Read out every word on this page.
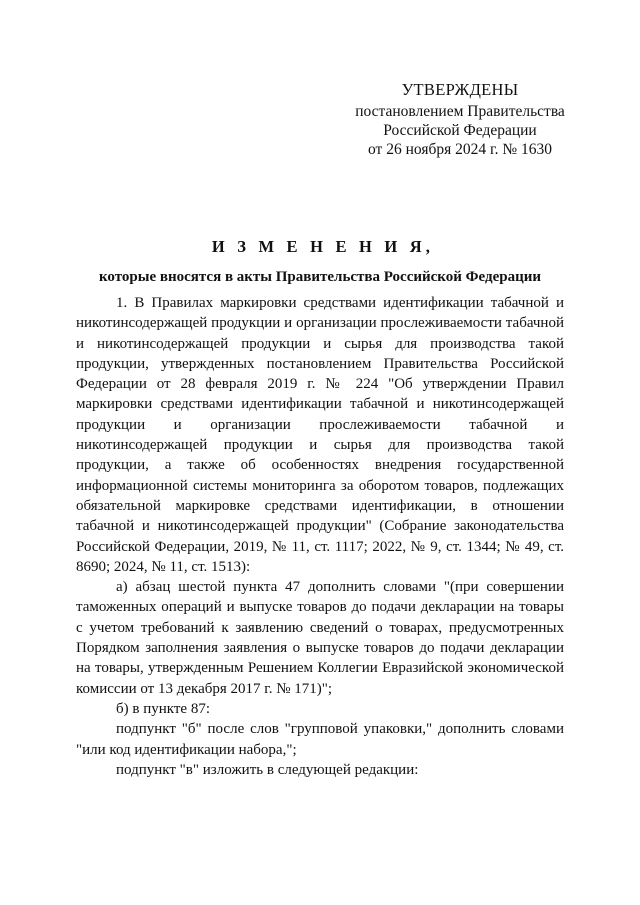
УТВЕРЖДЕНЫ
постановлением Правительства
Российской Федерации
от 26 ноября 2024 г. № 1630
И З М Е Н Е Н И Я,
которые вносятся в акты Правительства Российской Федерации

1. В Правилах маркировки средствами идентификации табачной и никотинсодержащей продукции и организации прослеживаемости табачной и никотинсодержащей продукции и сырья для производства такой продукции, утвержденных постановлением Правительства Российской Федерации от 28 февраля 2019 г. № 224 "Об утверждении Правил маркировки средствами идентификации табачной и никотинсодержащей продукции и организации прослеживаемости табачной и никотинсодержащей продукции и сырья для производства такой продукции, а также об особенностях внедрения государственной информационной системы мониторинга за оборотом товаров, подлежащих обязательной маркировке средствами идентификации, в отношении табачной и никотинсодержащей продукции" (Собрание законодательства Российской Федерации, 2019, № 11, ст. 1117; 2022, № 9, ст. 1344; № 49, ст. 8690; 2024, № 11, ст. 1513):

а) абзац шестой пункта 47 дополнить словами "(при совершении таможенных операций и выпуске товаров до подачи декларации на товары с учетом требований к заявлению сведений о товарах, предусмотренных Порядком заполнения заявления о выпуске товаров до подачи декларации на товары, утвержденным Решением Коллегии Евразийской экономической комиссии от 13 декабря 2017 г. № 171)";

б) в пункте 87:

подпункт "б" после слов "групповой упаковки," дополнить словами "или код идентификации набора,";

подпункт "в" изложить в следующей редакции:
